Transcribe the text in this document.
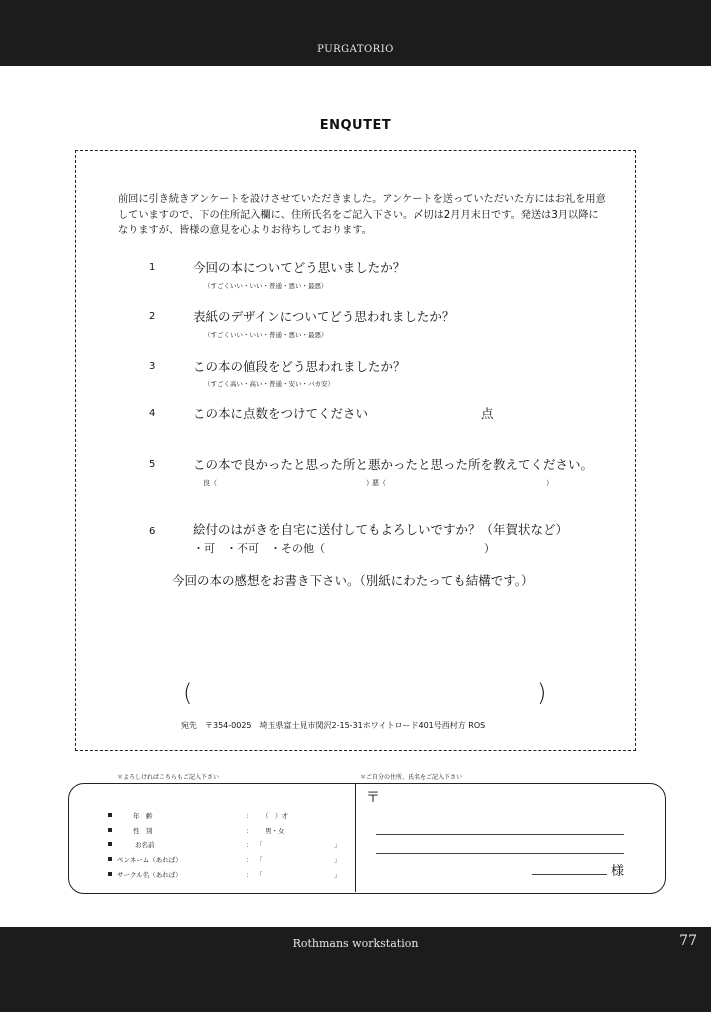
PURGATORIO
ENQUTET
前回に引き続きアンケートを設けさせていただきました。アンケートを送っていただいた方にはお礼を用意していますので、下の住所記入欄に、住所氏名をご記入下さい。〆切は2月月末日です。発送は3月以降になりますが、皆様の意見を心よりお待ちしております。
1	今回の本についてどう思いましたか？
（すごくいい・いい・普通・悪い・最悪）
2	表紙のデザインについてどう思われましたか？
（すごくいい・いい・普通・悪い・最悪）
3	この本の値段をどう思われましたか？
（すごく高い・高い・普通・安い・バカ安）
4	この本に点数をつけてください	点
5	この本で良かったと思った所と悪かったと思った所を教えてください。
良（	） 悪（	）
6	絵付のはがきを自宅に送付してもよろしいですか？（年賀状など）
・可　・不可　・その他（	）
今回の本の感想をお書き下さい。（別紙にわたっても結構です。）
(	)
宛先　〒354-0025　埼玉県富士見市関沢2-15-31ホワイトロード401号西村方 ROS
＊よろしければこちらもご記入下さい	＊ご自分の住所、氏名をご記入下さい
年　齢	： （　）才
性　別	： 男・女
お名前	： 「	」
ペンネーム（あれば）	： 「	」
サークル名（あれば）	： 「	」
〒
様
Rothmans workstation	77
